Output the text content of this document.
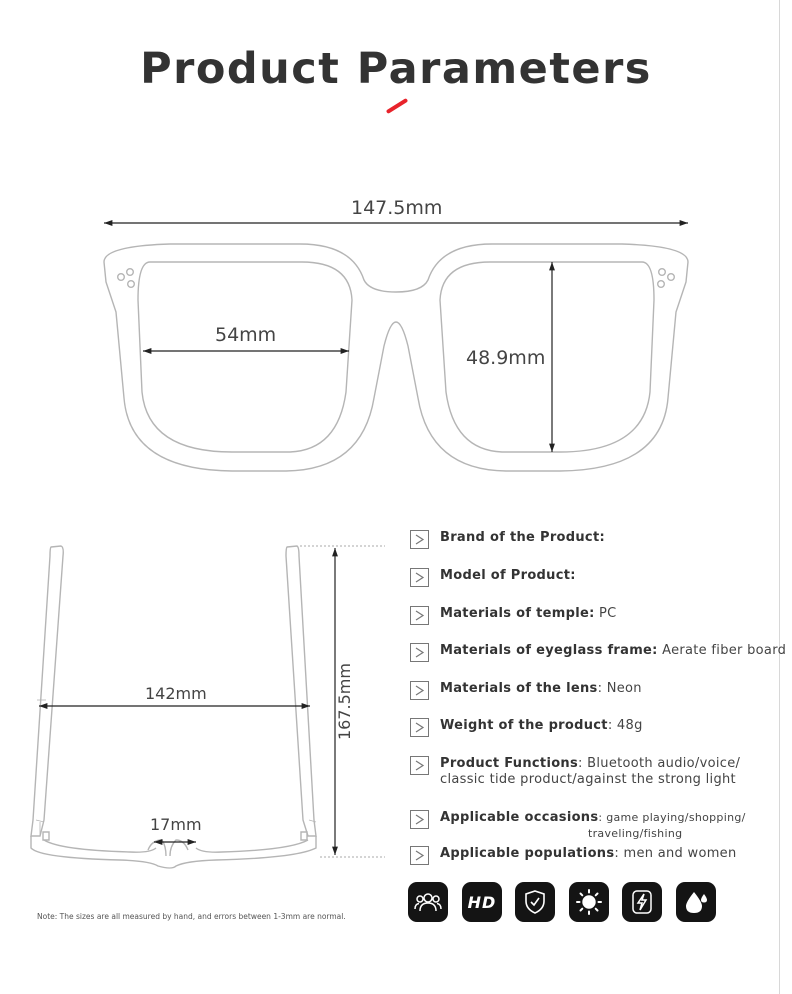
Product Parameters
147.5mm
54mm
48.9mm
142mm
17mm
167.5mm
Brand of the Product:
Model of Product:
Materials of temple: PC
Materials of eyeglass frame: Aerate fiber board
Materials of the lens: Neon
Weight of the product: 48g
Product Functions: Bluetooth audio/voice/
classic tide product/against the strong light
Applicable occasions: game playing/shopping/
traveling/fishing
Applicable populations: men and women
Note: The sizes are all measured by hand, and errors between 1-3mm are normal.
HD
